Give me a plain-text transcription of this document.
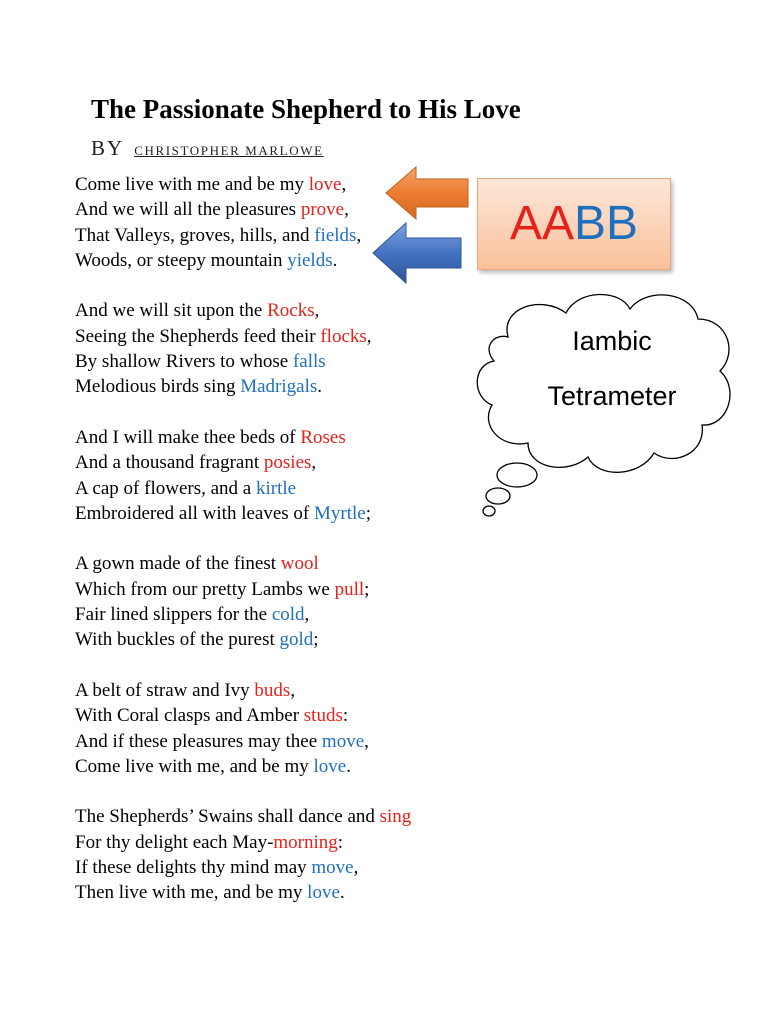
The Passionate Shepherd to His Love
BY CHRISTOPHER MARLOWE
Come live with me and be my love,
And we will all the pleasures prove,
That Valleys, groves, hills, and fields,
Woods, or steepy mountain yields.
And we will sit upon the Rocks,
Seeing the Shepherds feed their flocks,
By shallow Rivers to whose falls
Melodious birds sing Madrigals.
And I will make thee beds of Roses
And a thousand fragrant posies,
A cap of flowers, and a kirtle
Embroidered all with leaves of Myrtle;
A gown made of the finest wool
Which from our pretty Lambs we pull;
Fair lined slippers for the cold,
With buckles of the purest gold;
A belt of straw and Ivy buds,
With Coral clasps and Amber studs:
And if these pleasures may thee move,
Come live with me, and be my love.
The Shepherds’ Swains shall dance and sing
For thy delight each May-morning:
If these delights thy mind may move,
Then live with me, and be my love.
AABB
Iambic
Tetrameter
